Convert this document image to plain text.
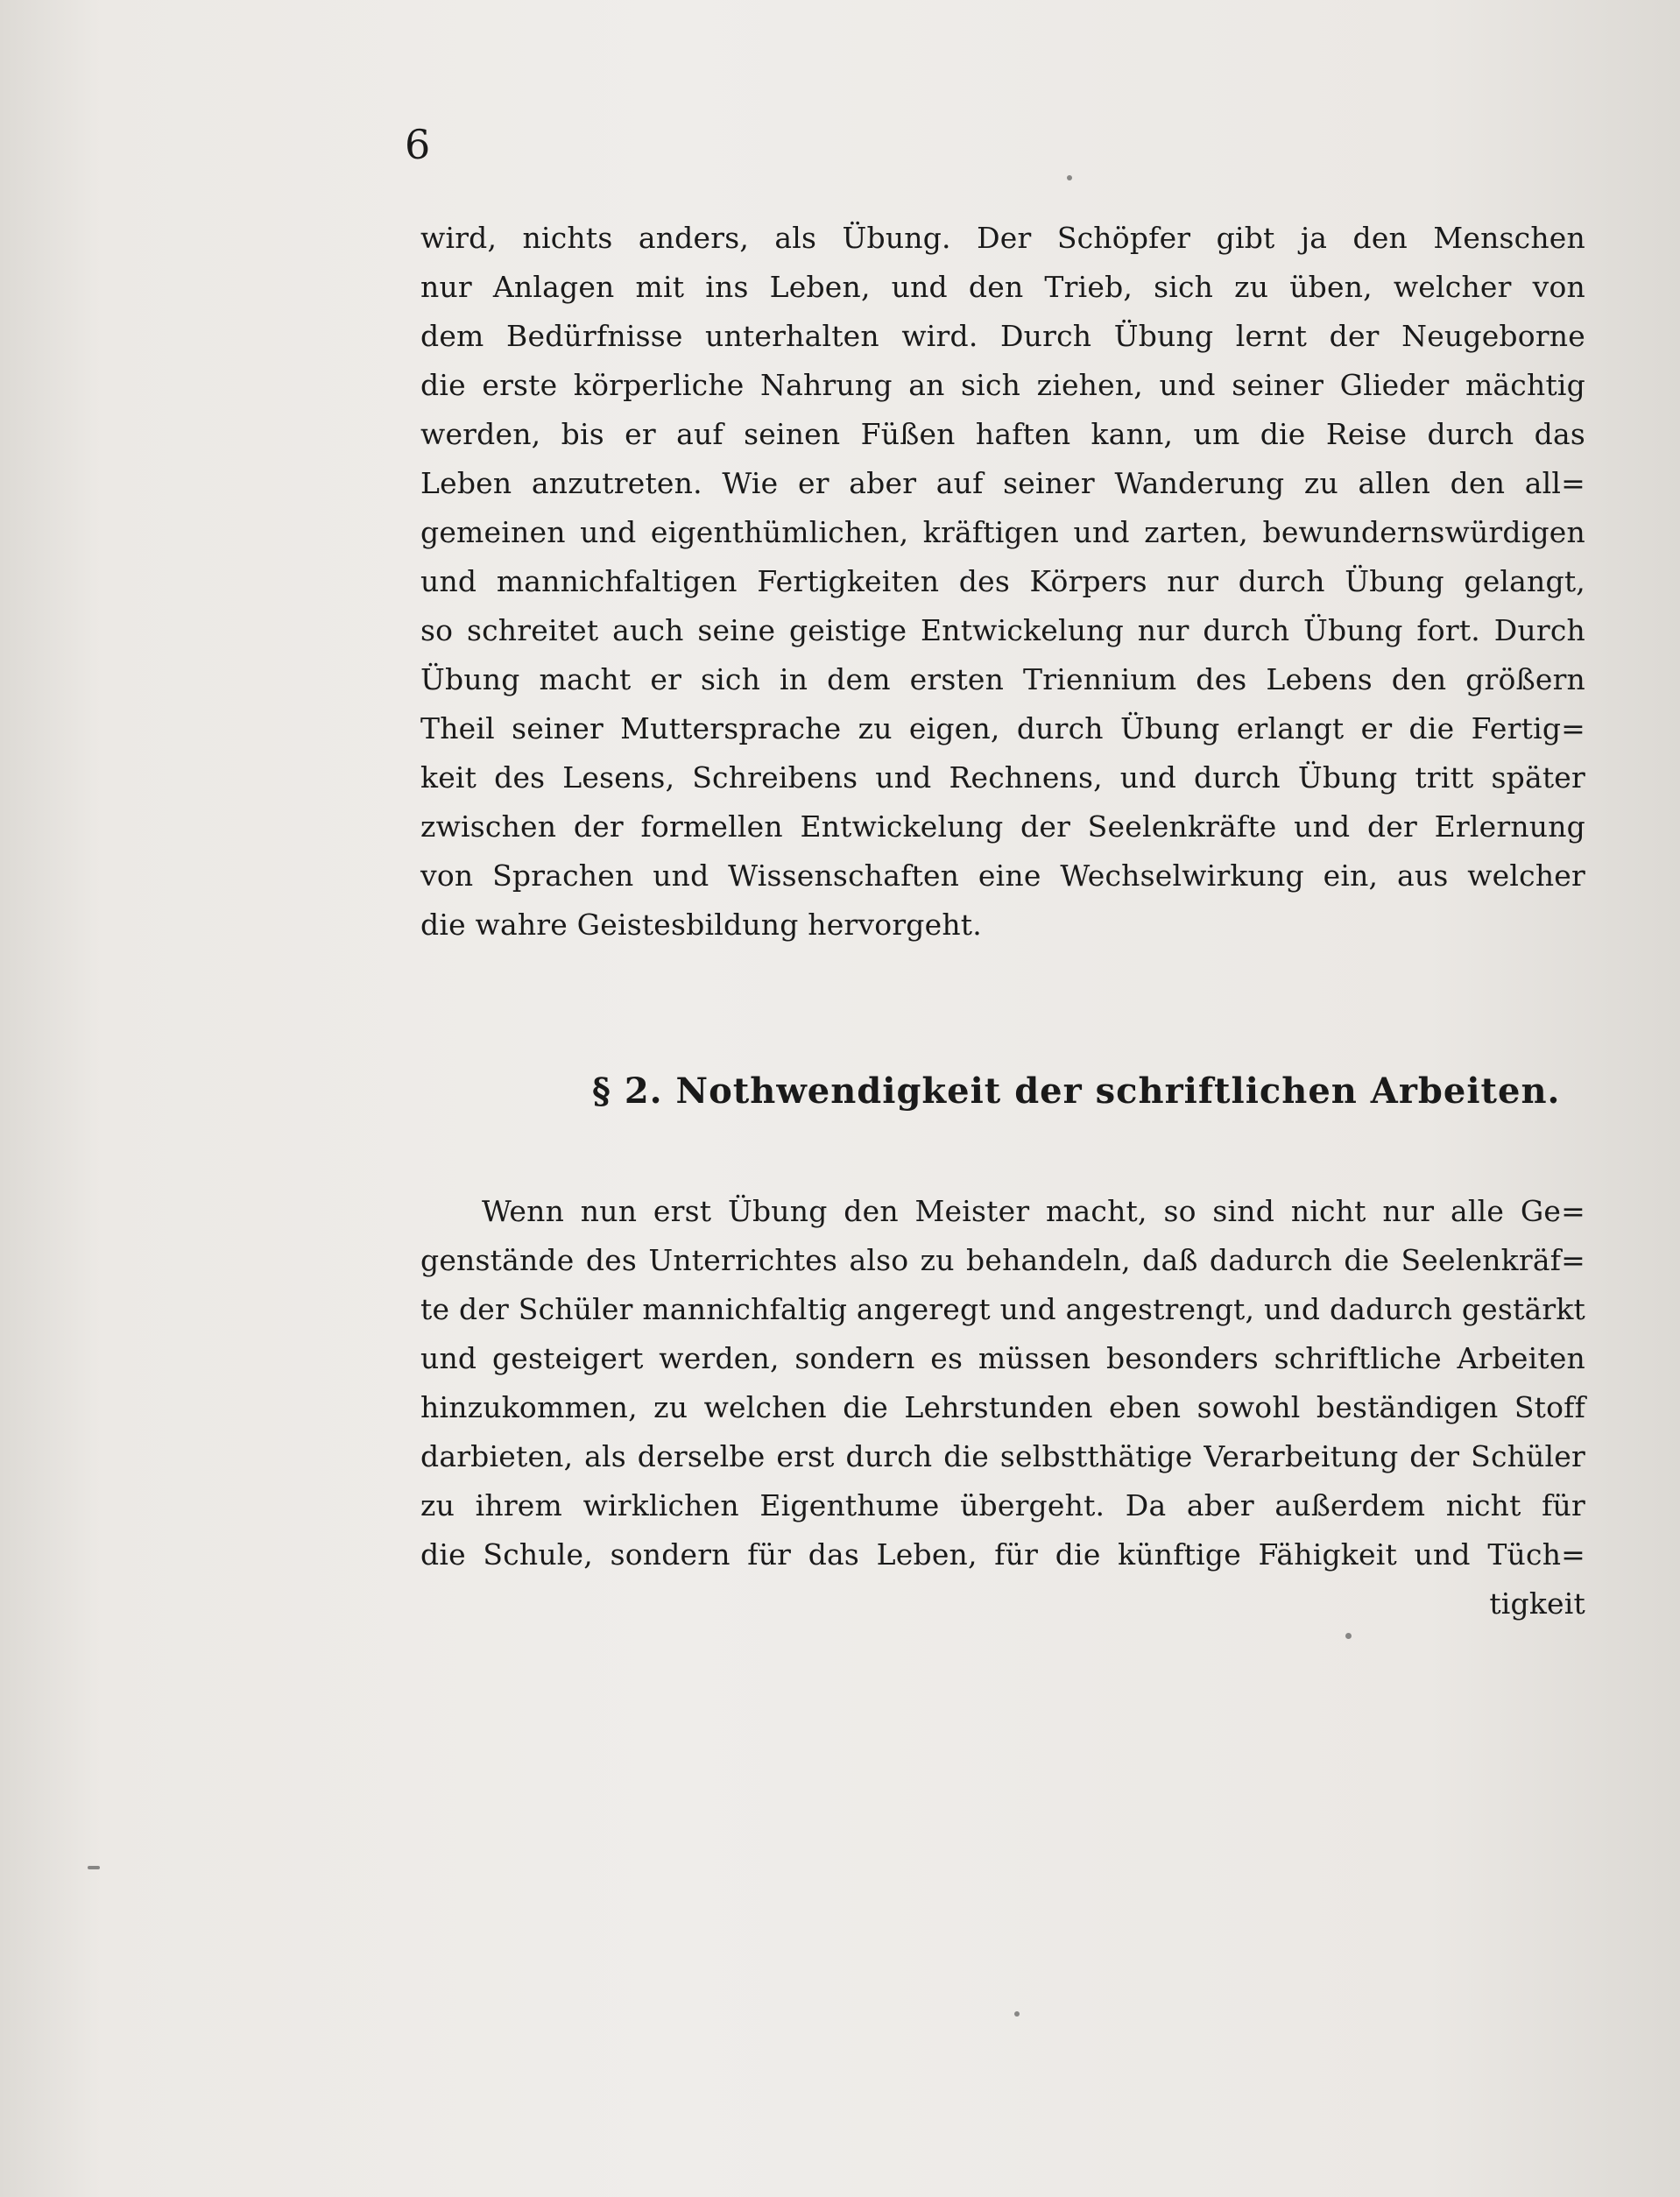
6
wird, nichts anders, als Übung. Der Schöpfer gibt ja den Menschen
nur Anlagen mit ins Leben, und den Trieb, sich zu üben, welcher von
dem Bedürfnisse unterhalten wird. Durch Übung lernt der Neugeborne
die erste körperliche Nahrung an sich ziehen, und seiner Glieder mächtig
werden, bis er auf seinen Füßen haften kann, um die Reise durch das
Leben anzutreten. Wie er aber auf seiner Wanderung zu allen den all=
gemeinen und eigenthümlichen, kräftigen und zarten, bewundernswürdigen
und mannichfaltigen Fertigkeiten des Körpers nur durch Übung gelangt,
so schreitet auch seine geistige Entwickelung nur durch Übung fort. Durch
Übung macht er sich in dem ersten Triennium des Lebens den größern
Theil seiner Muttersprache zu eigen, durch Übung erlangt er die Fertig=
keit des Lesens, Schreibens und Rechnens, und durch Übung tritt später
zwischen der formellen Entwickelung der Seelenkräfte und der Erlernung
von Sprachen und Wissenschaften eine Wechselwirkung ein, aus welcher
die wahre Geistesbildung hervorgeht.
§ 2. Nothwendigkeit der schriftlichen Arbeiten.
Wenn nun erst Übung den Meister macht, so sind nicht nur alle Ge=
genstände des Unterrichtes also zu behandeln, daß dadurch die Seelenkräf=
te der Schüler mannichfaltig angeregt und angestrengt, und dadurch gestärkt
und gesteigert werden, sondern es müssen besonders schriftliche Arbeiten
hinzukommen, zu welchen die Lehrstunden eben sowohl beständigen Stoff
darbieten, als derselbe erst durch die selbstthätige Verarbeitung der Schüler
zu ihrem wirklichen Eigenthume übergeht. Da aber außerdem nicht für
die Schule, sondern für das Leben, für die künftige Fähigkeit und Tüch=
tigkeit
